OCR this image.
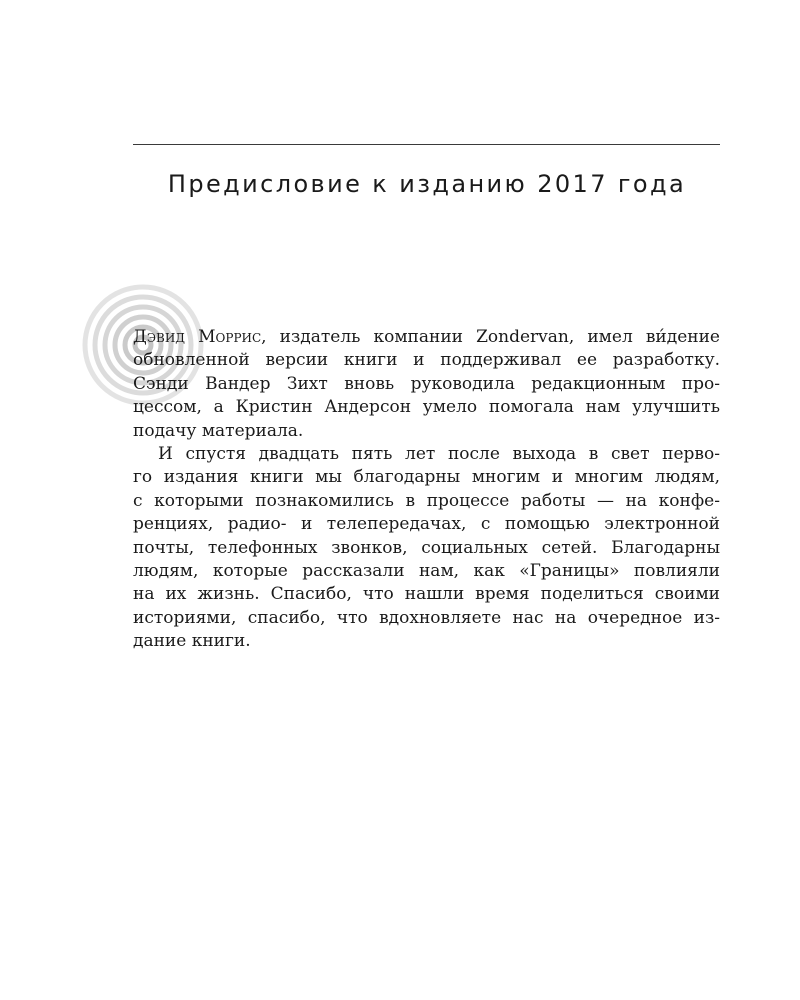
Предисловие к изданию 2017 года

Дэвид Моррис, издатель компании Zondervan, имел ви́дение
обновленной версии книги и поддерживал ее разработку.
Сэнди Вандер Зихт вновь руководила редакционным про-
цессом, а Кристин Андерсон умело помогала нам улучшить
подачу материала.

И спустя двадцать пять лет после выхода в свет перво-
го издания книги мы благодарны многим и многим людям,
с которыми познакомились в процессе работы — на конфе-
ренциях, радио- и телепередачах, с помощью электронной
почты, телефонных звонков, социальных сетей. Благодарны
людям, которые рассказали нам, как «Границы» повлияли
на их жизнь. Спасибо, что нашли время поделиться своими
историями, спасибо, что вдохновляете нас на очередное из-
дание книги.
